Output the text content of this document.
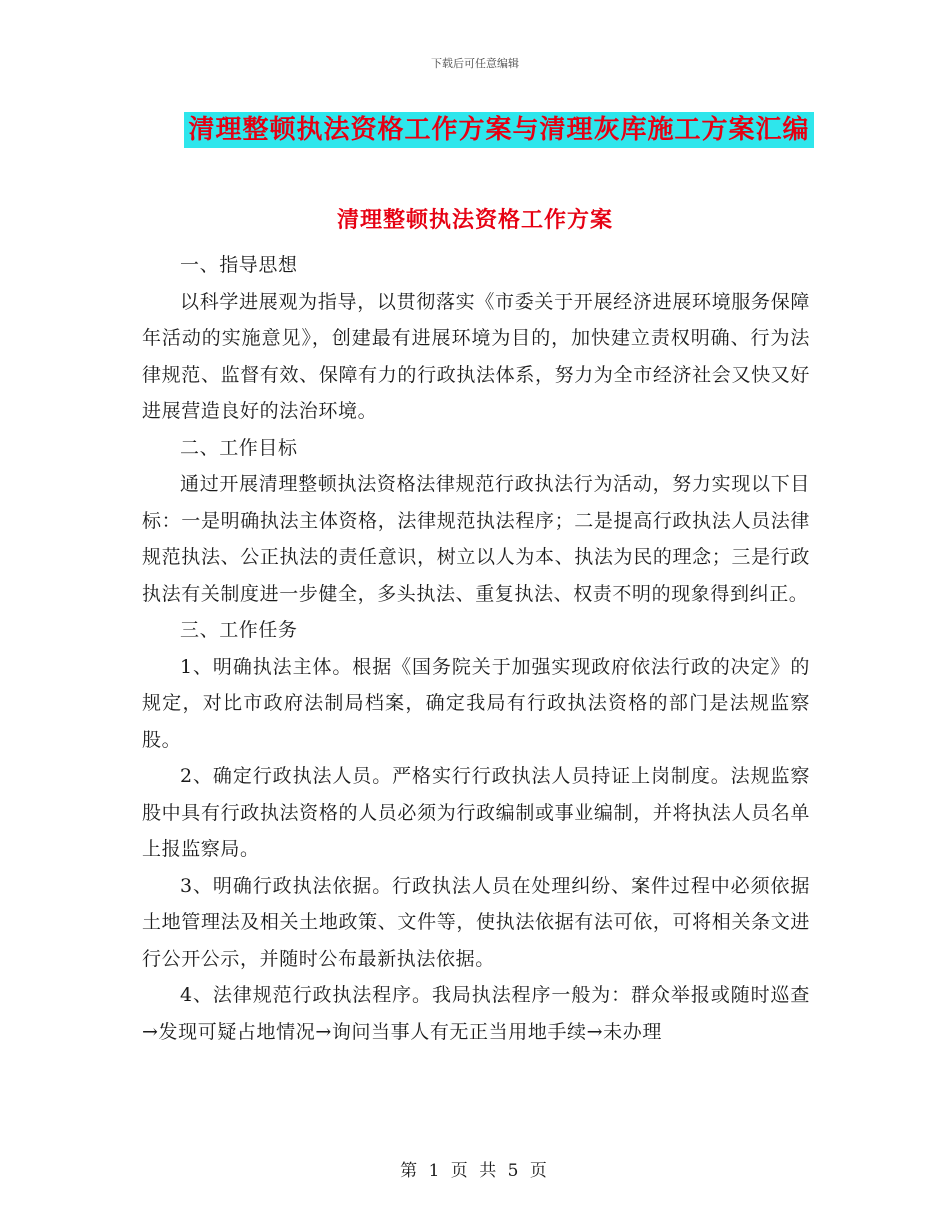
下载后可任意编辑
清理整顿执法资格工作方案与清理灰库施工方案汇编
清理整顿执法资格工作方案

一、指导思想

以科学进展观为指导，以贯彻落实《市委关于开展经济进展环境服务保障年活动的实施意见》，创建最有进展环境为目的，加快建立责权明确、行为法律规范、监督有效、保障有力的行政执法体系，努力为全市经济社会又快又好进展营造良好的法治环境。

二、工作目标

通过开展清理整顿执法资格法律规范行政执法行为活动，努力实现以下目标：一是明确执法主体资格，法律规范执法程序；二是提高行政执法人员法律规范执法、公正执法的责任意识，树立以人为本、执法为民的理念；三是行政执法有关制度进一步健全，多头执法、重复执法、权责不明的现象得到纠正。

三、工作任务

1、明确执法主体。根据《国务院关于加强实现政府依法行政的决定》的规定，对比市政府法制局档案，确定我局有行政执法资格的部门是法规监察股。

2、确定行政执法人员。严格实行行政执法人员持证上岗制度。法规监察股中具有行政执法资格的人员必须为行政编制或事业编制，并将执法人员名单上报监察局。

3、明确行政执法依据。行政执法人员在处理纠纷、案件过程中必须依据土地管理法及相关土地政策、文件等，使执法依据有法可依，可将相关条文进行公开公示，并随时公布最新执法依据。

4、法律规范行政执法程序。我局执法程序一般为：群众举报或随时巡查→发现可疑占地情况→询问当事人有无正当用地手续→未办理

第 1 页 共 5 页
